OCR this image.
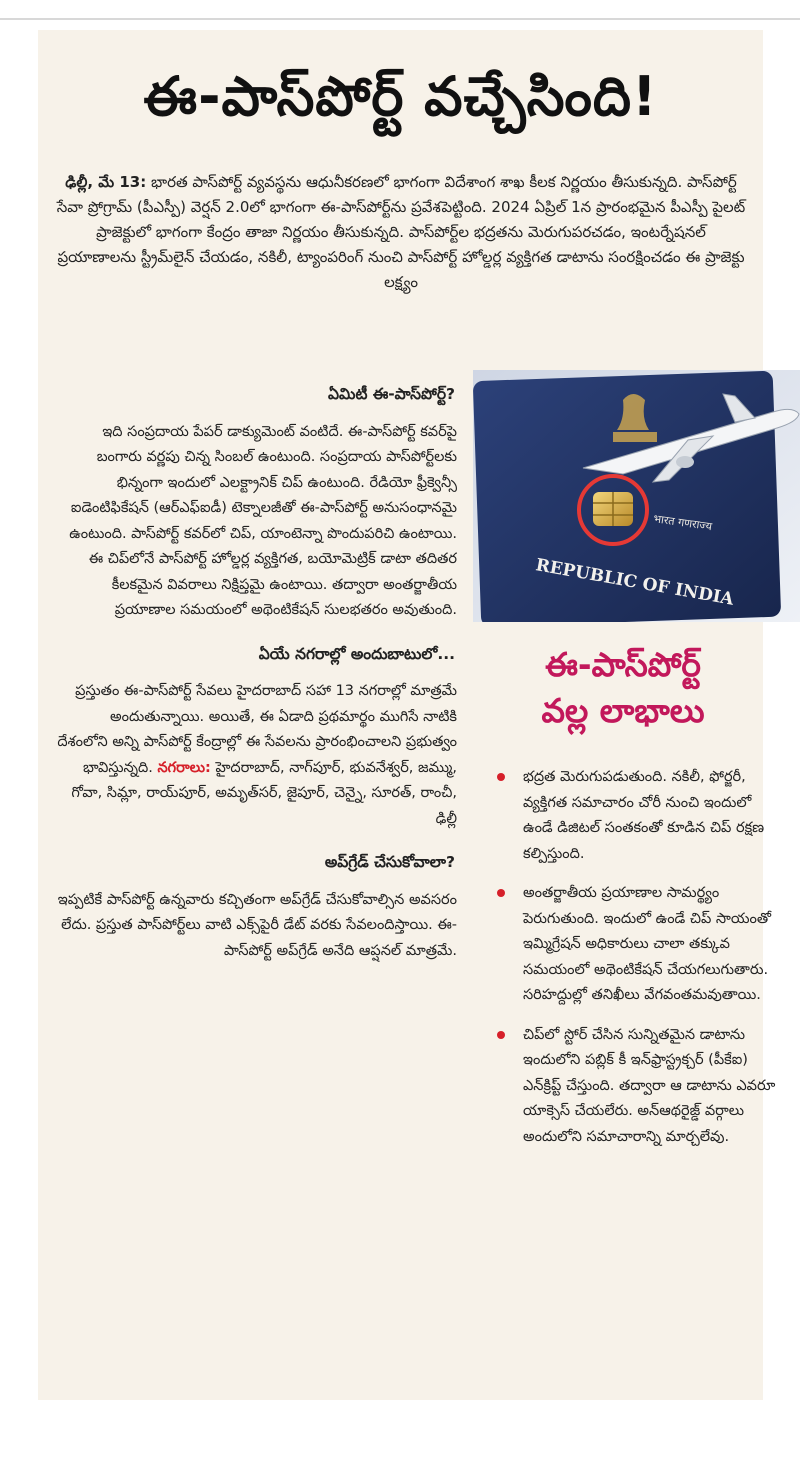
ఈ-పాస్‌పోర్ట్ వచ్చేసింది!

ఢిల్లీ, మే 13: భారత పాస్‌పోర్ట్ వ్యవస్థను ఆధునీకరణలో భాగంగా విదేశాంగ శాఖ కీలక నిర్ణయం తీసుకున్నది. పాస్‌పోర్ట్ సేవా ప్రోగ్రామ్ (పీఎస్పీ) వెర్షన్ 2.0లో భాగంగా ఈ-పాస్‌పోర్ట్‌ను ప్రవేశపెట్టింది. 2024 ఏప్రిల్ 1న ప్రారంభమైన పీఎస్పీ పైలట్ ప్రాజెక్టులో భాగంగా కేంద్రం తాజా నిర్ణయం తీసుకున్నది. పాస్‌పోర్ట్‌ల భద్రతను మెరుగుపరచడం, ఇంటర్నేషనల్ ప్రయాణాలను స్ట్రీమ్‌లైన్ చేయడం, నకిలీ, ట్యాంపరింగ్ నుంచి పాస్‌పోర్ట్ హోల్డర్ల వ్యక్తిగత డాటాను సంరక్షించడం ఈ ప్రాజెక్టు లక్ష్యం

ఏమిటీ ఈ-పాస్‌పోర్ట్?

ఇది సంప్రదాయ పేపర్ డాక్యుమెంట్ వంటిదే. ఈ-పాస్‌పోర్ట్ కవర్‌పై బంగారు వర్ణపు చిన్న సింబల్ ఉంటుంది. సంప్రదాయ పాస్‌పోర్ట్‌లకు భిన్నంగా ఇందులో ఎలక్ట్రానిక్ చిప్ ఉంటుంది. రేడియో ఫ్రీక్వెన్సీ ఐడెంటిఫికేషన్ (ఆర్ఎఫ్ఐడీ) టెక్నాలజీతో ఈ-పాస్‌పోర్ట్ అనుసంధానమై ఉంటుంది. పాస్‌పోర్ట్ కవర్‌లో చిప్, యాంటెన్నా పొందుపరిచి ఉంటాయి. ఈ చిప్‌లోనే పాస్‌పోర్ట్ హోల్డర్ల వ్యక్తిగత, బయోమెట్రిక్ డాటా తదితర కీలకమైన వివరాలు నిక్షిప్తమై ఉంటాయి. తద్వారా అంతర్జాతీయ ప్రయాణాల సమయంలో అథెంటికేషన్ సులభతరం అవుతుంది.

ఏయే నగరాల్లో అందుబాటులో...

ప్రస్తుతం ఈ-పాస్‌పోర్ట్ సేవలు హైదరాబాద్ సహా 13 నగరాల్లో మాత్రమే అందుతున్నాయి. అయితే, ఈ ఏడాది ప్రథమార్థం ముగిసే నాటికి దేశంలోని అన్ని పాస్‌పోర్ట్ కేంద్రాల్లో ఈ సేవలను ప్రారంభించాలని ప్రభుత్వం భావిస్తున్నది. నగరాలు: హైదరాబాద్, నాగ్‌పూర్, భువనేశ్వర్, జమ్ము, గోవా, సిమ్లా, రాయ్‌పూర్, అమృత్‌సర్, జైపూర్, చెన్నై, సూరత్, రాంచీ, ఢిల్లీ

అప్‌గ్రేడ్ చేసుకోవాలా?

ఇప్పటికే పాస్‌పోర్ట్ ఉన్నవారు కచ్చితంగా అప్‌గ్రేడ్ చేసుకోవాల్సిన అవసరం లేదు. ప్రస్తుత పాస్‌పోర్ట్‌లు వాటి ఎక్స్‌పైరీ డేట్ వరకు సేవలందిస్తాయి. ఈ-పాస్‌పోర్ట్ అప్‌గ్రేడ్ అనేది ఆప్షనల్ మాత్రమే.

भारत गणराज्य
REPUBLIC OF INDIA
ఈ-పాస్‌పోర్ట్
వల్ల లాభాలు
భద్రత మెరుగుపడుతుంది. నకిలీ, ఫోర్జరీ, వ్యక్తిగత సమాచారం చోరీ నుంచి ఇందులో ఉండే డిజిటల్ సంతకంతో కూడిన చిప్ రక్షణ కల్పిస్తుంది.
అంతర్జాతీయ ప్రయాణాల సామర్థ్యం పెరుగుతుంది. ఇందులో ఉండే చిప్ సాయంతో ఇమ్మిగ్రేషన్ అధికారులు చాలా తక్కువ సమయంలో అథెంటికేషన్ చేయగలుగుతారు. సరిహద్దుల్లో తనిఖీలు వేగవంతమవుతాయి.
చిప్‌లో స్టోర్ చేసిన సున్నితమైన డాటాను ఇందులోని పబ్లిక్ కీ ఇన్‌ఫ్రాస్ట్రక్చర్ (పీకేఐ) ఎన్‌క్రిప్ట్ చేస్తుంది. తద్వారా ఆ డాటాను ఎవరూ యాక్సెస్ చేయలేరు. అన్‌ఆథరైజ్డ్ వర్గాలు అందులోని సమాచారాన్ని మార్చలేవు.
